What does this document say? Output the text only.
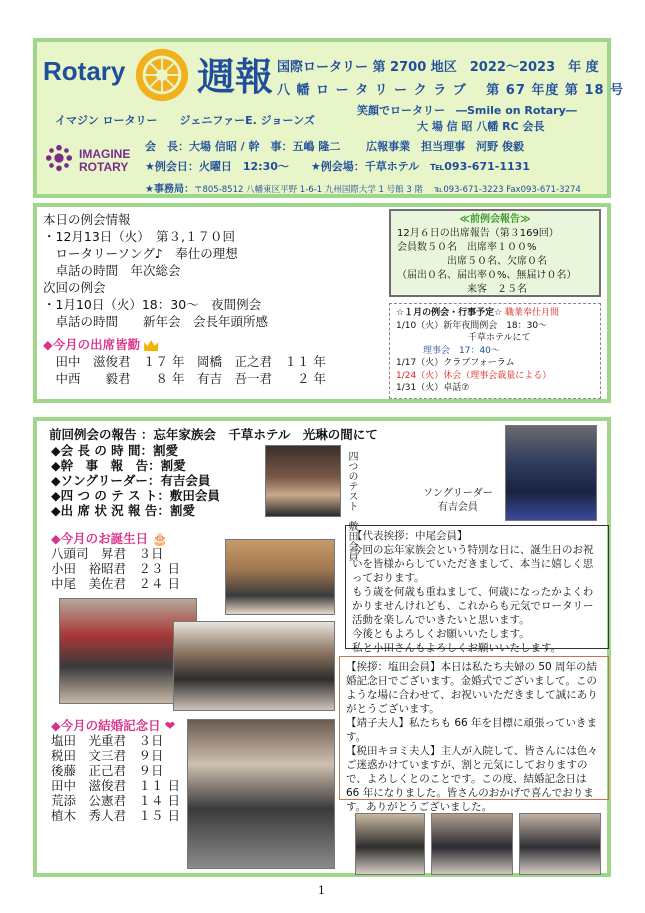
Rotary 週報 国際ロータリー 第 2700 地区　2022〜2023　年 度
八 幡 ロ ー タ リ ー ク ラ ブ　 第 67 年度 第 18 号
イマジン ロータリー　　ジェニファーE. ジョーンズ
笑顔でロータリー　―Smile on Rotary―
大 場 信 昭 八幡 RC 会長
IMAGINE
ROTARY
会　長：大場 信昭 / 幹　事：五嶋 隆二　　 広報事業　担当理事　河野 俊毅
★例会日：火曜日　12:30〜　　★例会場：千草ホテル　℡093-671-1131
★事務局：〒805-8512 八幡東区平野 1-6-1 九州国際大学 1 号館 3 階　 ℡093-671-3223 Fax093-671-3274
本日の例会情報
・12月13日（火）　第３,１７０回
　ロータリーソング♪　奉仕の理想
　卓話の時間　年次総会
次回の例会
・1月10日（火）18：30〜　夜間例会
　卓話の時間　　新年会　会長年頭所感
◆今月の出席皆勤
　田中　滋俊君　１７ 年　岡橋　正之君　１１ 年
　中西　　毅君　　８ 年　有吉　吾一君　　２ 年
≪前例会報告≫
12月６日の出席報告（第３169回）
会員数５０名　出席率１００%
　　　　　出席５０名、欠席０名
（届出０名、届出率０%、無届け０名）
　　　　　　　来客　２５名
☆１月の例会・行事予定☆ 職業奉仕月間
1/10（火）新年夜間例会　18：30〜
　　　　　　　　千草ホテルにて
　　　理事会　17：40〜
1/17（火）クラブフォーラム
1/24（火）休会（理事会裁量による）
1/31（火）卓話⑦
前回例会の報告 ：忘年家族会　千草ホテル　光琳の間にて
◆会 長 の 時 間：割愛
◆幹　事　報　告：割愛
◆ソングリーダー：有吉会員
◆四 つ の テ ス ト：敷田会員
◆出 席 状 況 報 告：割愛	四つのテスト　敷田会員	ソングリーダー
有吉会員
◆今月のお誕生日 🎂
八頭司　昇君　３日
小田　裕昭君　２３ 日
中尾　美佐君　２４ 日
【代表挨拶：中尾会員】
今回の忘年家族会という特別な日に、誕生日のお祝いを皆様からしていただきまして、本当に嬉しく思っております。
もう歳を何歳も重ねまして、何歳になったかよくわかりませんけれども、これからも元気でロータリー活動を楽しんでいきたいと思います。
今後ともよろしくお願いいたします。
私と小田さんもよろしくお願いいたします。
◆今月の結婚記念日 ❤
塩田　光重君　３日
税田　文三君　９日
後藤　正己君　９日
田中　滋俊君　１１ 日
荒添　公憲君　１４ 日
植木　秀人君　１５ 日
【挨拶：塩田会員】本日は私たち夫婦の 50 周年の結婚記念日でございます。金婚式でございまして。このような場に合わせて、お祝いいただきまして誠にありがとうございます。
【靖子夫人】私たちも 66 年を目標に頑張っていきます。
【税田キヨミ夫人】主人が入院して、皆さんには色々ご迷惑かけていますが、割と元気にしておりますので、よろしくとのことです。この度、結婚記念日は 66 年になりました。皆さんのおかげで喜んでおります。ありがとうございました。
1
